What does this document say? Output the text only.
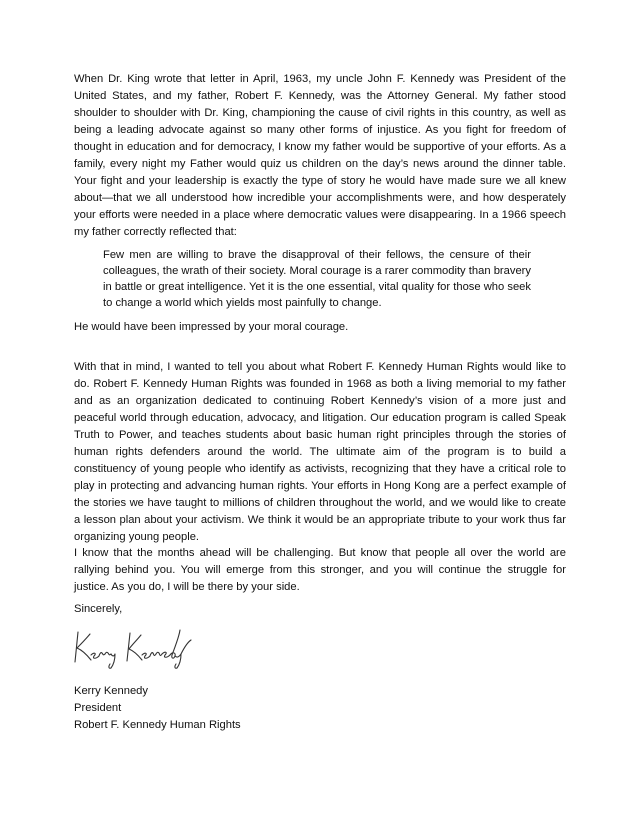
When Dr. King wrote that letter in April, 1963, my uncle John F. Kennedy was President of the United States, and my father, Robert F. Kennedy, was the Attorney General. My father stood shoulder to shoulder with Dr. King, championing the cause of civil rights in this country, as well as being a leading advocate against so many other forms of injustice. As you fight for freedom of thought in education and for democracy, I know my father would be supportive of your efforts. As a family, every night my Father would quiz us children on the day’s news around the dinner table. Your fight and your leadership is exactly the type of story he would have made sure we all knew about—that we all understood how incredible your accomplishments were, and how desperately your efforts were needed in a place where democratic values were disappearing. In a 1966 speech my father correctly reflected that:

Few men are willing to brave the disapproval of their fellows, the censure of their colleagues, the wrath of their society. Moral courage is a rarer commodity than bravery in battle or great intelligence. Yet it is the one essential, vital quality for those who seek to change a world which yields most painfully to change.

He would have been impressed by your moral courage.

With that in mind, I wanted to tell you about what Robert F. Kennedy Human Rights would like to do. Robert F. Kennedy Human Rights was founded in 1968 as both a living memorial to my father and as an organization dedicated to continuing Robert Kennedy’s vision of a more just and peaceful world through education, advocacy, and litigation. Our education program is called Speak Truth to Power, and teaches students about basic human right principles through the stories of human rights defenders around the world. The ultimate aim of the program is to build a constituency of young people who identify as activists, recognizing that they have a critical role to play in protecting and advancing human rights. Your efforts in Hong Kong are a perfect example of the stories we have taught to millions of children throughout the world, and we would like to create a lesson plan about your activism. We think it would be an appropriate tribute to your work thus far organizing young people.

I know that the months ahead will be challenging. But know that people all over the world are rallying behind you. You will emerge from this stronger, and you will continue the struggle for justice. As you do, I will be there by your side.

Sincerely,

Kerry Kennedy

President

Robert F. Kennedy Human Rights
